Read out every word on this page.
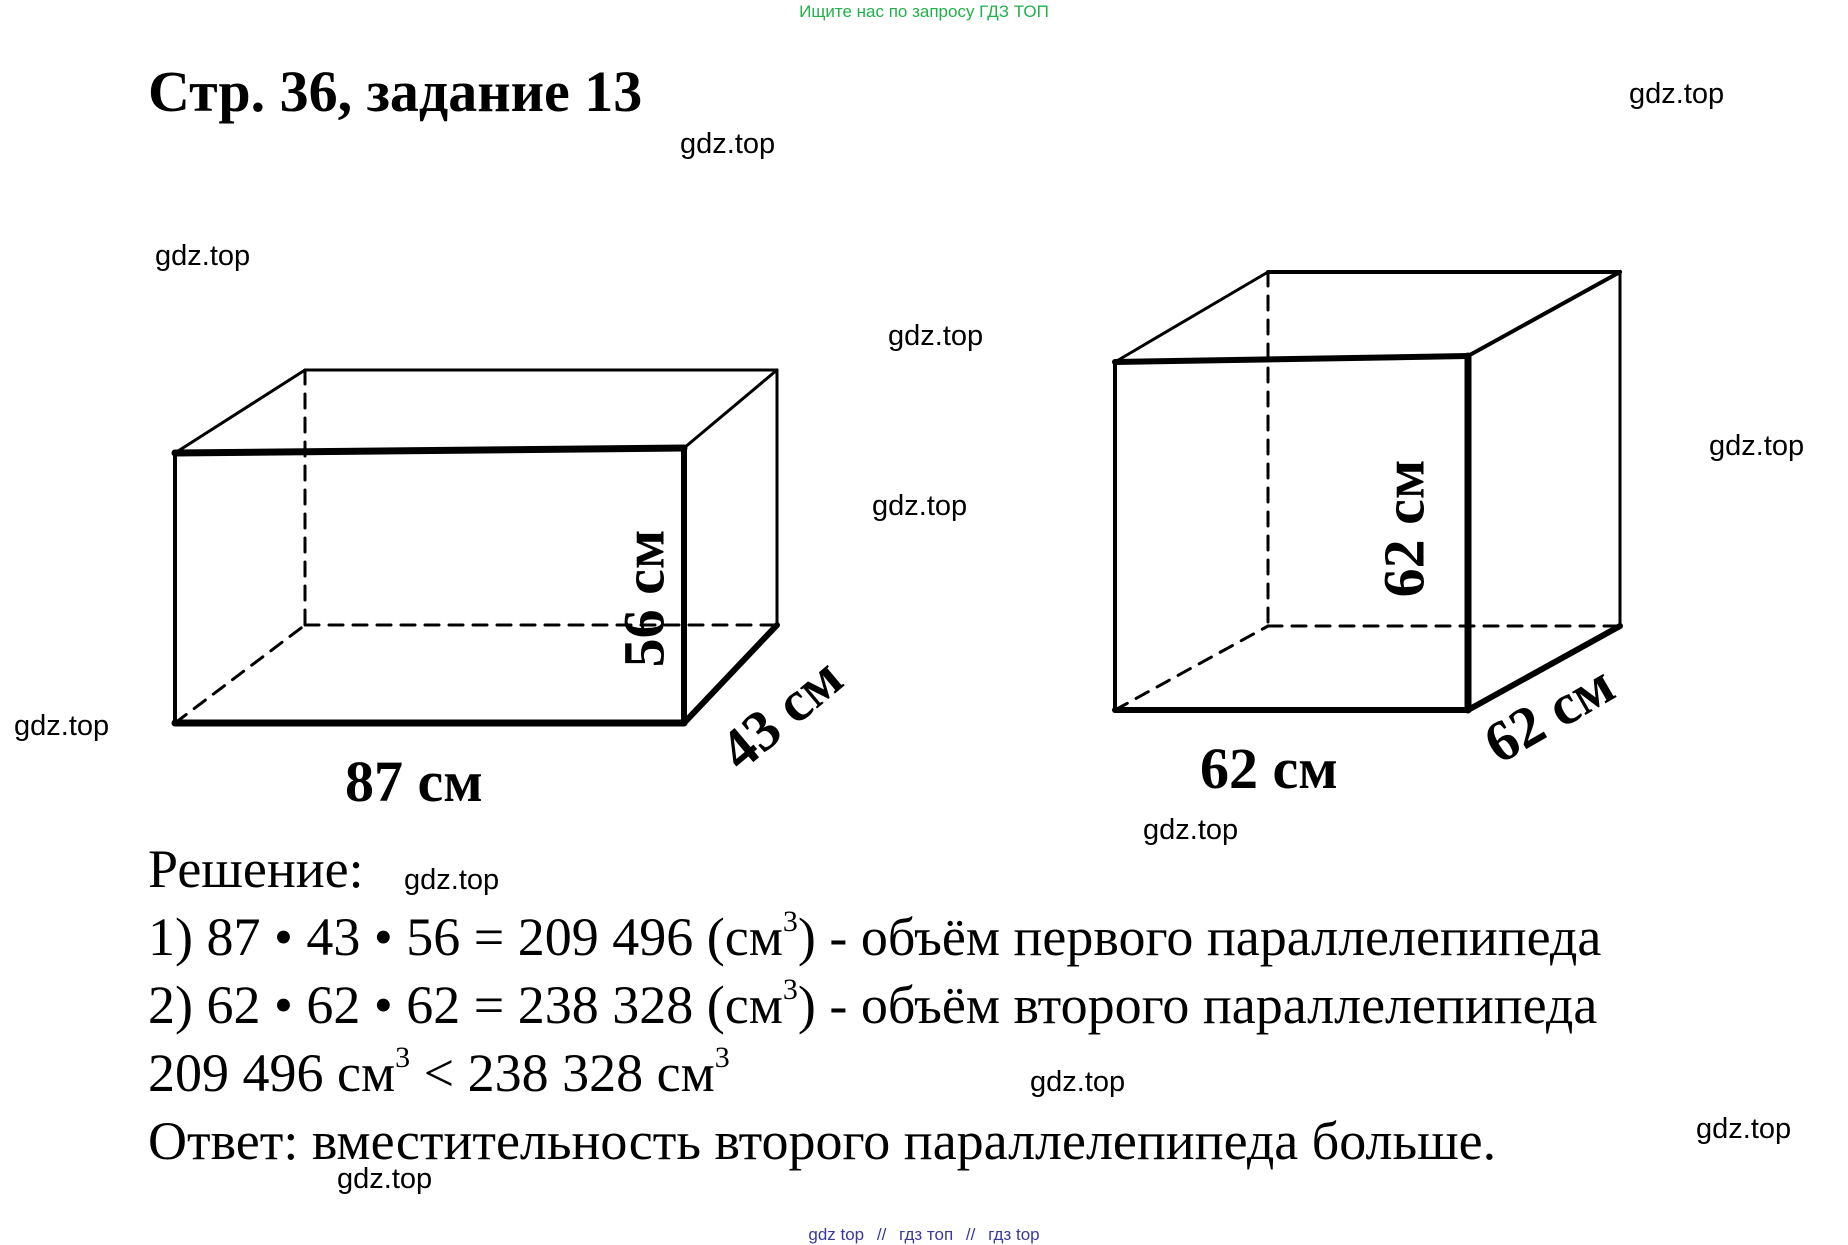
Ищите нас по запросу ГДЗ ТОП
Стр. 36, задание 13	gdz.top
gdz.top
gdz.top
gdz.top
gdz.top
gdz.top
gdz.top
gdz.top
gdz.top
gdz.top
gdz.top
gdz.top
87 см
56 см
43 см	62 см
62 см
62 см
Решение:
1) 87 • 43 • 56 = 209 496 $(см^3)$ - объём первого параллелепипеда
2) 62 • 62 • 62 = 238 328 $(см^3)$ - объём второго параллелепипеда
209 496 $см^3 < 238$ 328 $см^3$
Ответ: вместительность второго параллелепипеда больше.
gdz top // гдз топ // гдз top
